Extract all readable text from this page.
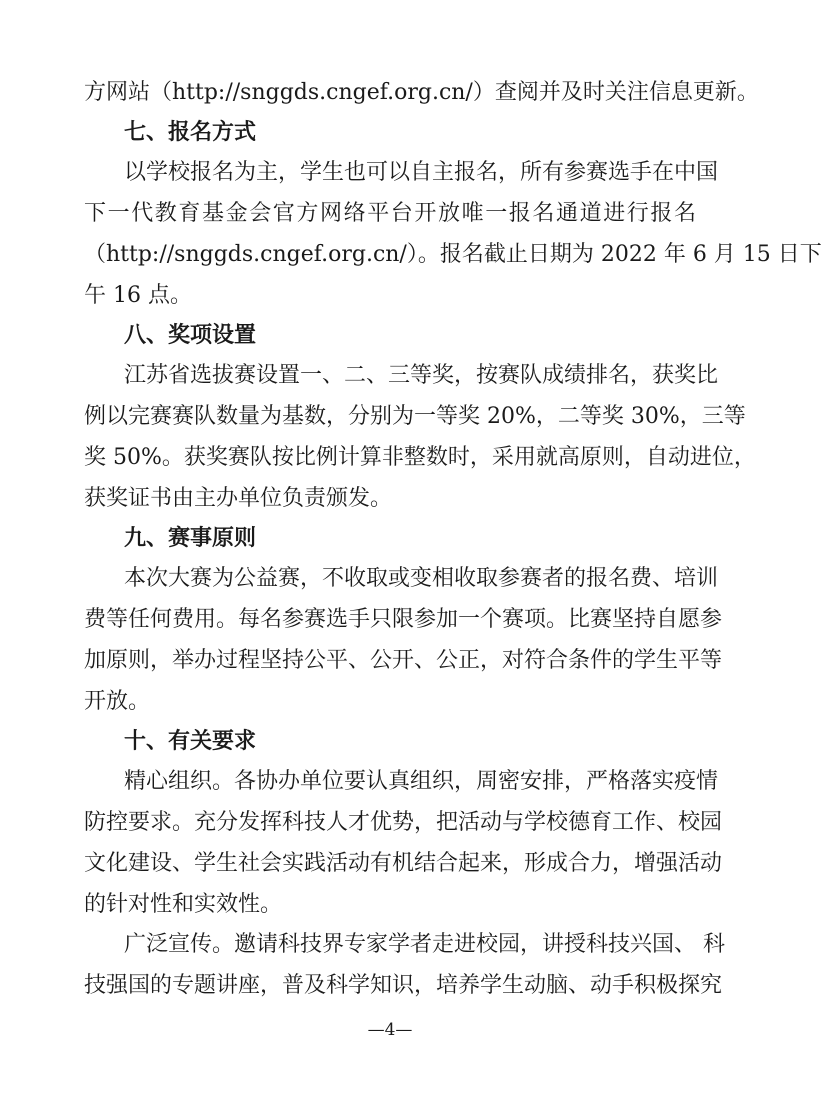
方网站（http://snggds.cngef.org.cn/）查阅并及时关注信息更新。
七、报名方式
以学校报名为主，学生也可以自主报名，所有参赛选手在中国
下一代教育基金会官方网络平台开放唯一报名通道进行报名
（http://snggds.cngef.org.cn/）。报名截止日期为 2022 年 6 月 15 日下
午 16 点。
八、奖项设置
江苏省选拔赛设置一、二、三等奖，按赛队成绩排名，获奖比
例以完赛赛队数量为基数，分别为一等奖 20%，二等奖 30%，三等
奖 50%。获奖赛队按比例计算非整数时，采用就高原则，自动进位，
获奖证书由主办单位负责颁发。
九、赛事原则
本次大赛为公益赛，不收取或变相收取参赛者的报名费、培训
费等任何费用。每名参赛选手只限参加一个赛项。比赛坚持自愿参
加原则，举办过程坚持公平、公开、公正，对符合条件的学生平等
开放。
十、有关要求
精心组织。各协办单位要认真组织，周密安排，严格落实疫情
防控要求。充分发挥科技人才优势，把活动与学校德育工作、校园
文化建设、学生社会实践活动有机结合起来，形成合力，增强活动
的针对性和实效性。
广泛宣传。邀请科技界专家学者走进校园，讲授科技兴国、 科
技强国的专题讲座，普及科学知识，培养学生动脑、动手积极探究
—4—
